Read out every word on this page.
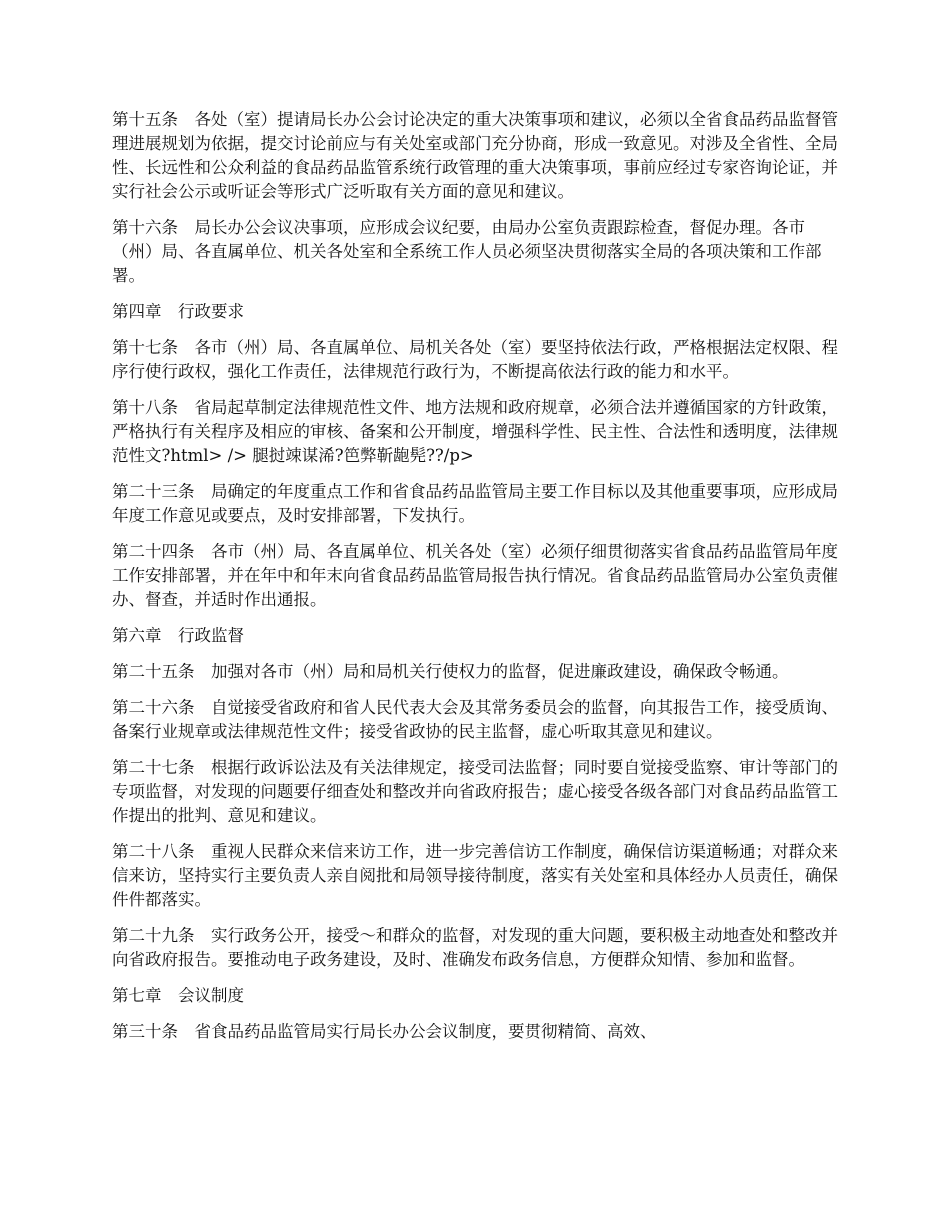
第十五条　各处（室）提请局长办公会讨论决定的重大决策事项和建议，必须以全省食品药品监督管理进展规划为依据，提交讨论前应与有关处室或部门充分协商，形成一致意见。对涉及全省性、全局性、长远性和公众利益的食品药品监管系统行政管理的重大决策事项，事前应经过专家咨询论证，并实行社会公示或听证会等形式广泛听取有关方面的意见和建议。

第十六条　局长办公会议决事项，应形成会议纪要，由局办公室负责跟踪检查，督促办理。各市（州）局、各直属单位、机关各处室和全系统工作人员必须坚决贯彻落实全局的各项决策和工作部署。

第四章　行政要求

第十七条　各市（州）局、各直属单位、局机关各处（室）要坚持依法行政，严格根据法定权限、程序行使行政权，强化工作责任，法律规范行政行为，不断提高依法行政的能力和水平。

第十八条　省局起草制定法律规范性文件、地方法规和政府规章，必须合法并遵循国家的方针政策，严格执行有关程序及相应的审核、备案和公开制度，增强科学性、民主性、合法性和透明度，法律规范性文?html> /> 腿挝竦谋浠?笆弊靳龅髡??/p>

第二十三条　局确定的年度重点工作和省食品药品监管局主要工作目标以及其他重要事项，应形成局年度工作意见或要点，及时安排部署，下发执行。

第二十四条　各市（州）局、各直属单位、机关各处（室）必须仔细贯彻落实省食品药品监管局年度工作安排部署，并在年中和年末向省食品药品监管局报告执行情况。省食品药品监管局办公室负责催办、督查，并适时作出通报。

第六章　行政监督

第二十五条　加强对各市（州）局和局机关行使权力的监督，促进廉政建设，确保政令畅通。

第二十六条　自觉接受省政府和省人民代表大会及其常务委员会的监督，向其报告工作，接受质询、备案行业规章或法律规范性文件；接受省政协的民主监督，虚心听取其意见和建议。

第二十七条　根据行政诉讼法及有关法律规定，接受司法监督；同时要自觉接受监察、审计等部门的专项监督，对发现的问题要仔细查处和整改并向省政府报告；虚心接受各级各部门对食品药品监管工作提出的批判、意见和建议。

第二十八条　重视人民群众来信来访工作，进一步完善信访工作制度，确保信访渠道畅通；对群众来信来访，坚持实行主要负责人亲自阅批和局领导接待制度，落实有关处室和具体经办人员责任，确保件件都落实。

第二十九条　实行政务公开，接受～和群众的监督，对发现的重大问题，要积极主动地查处和整改并向省政府报告。要推动电子政务建设，及时、准确发布政务信息，方便群众知情、参加和监督。

第七章　会议制度

第三十条　省食品药品监管局实行局长办公会议制度，要贯彻精简、高效、
